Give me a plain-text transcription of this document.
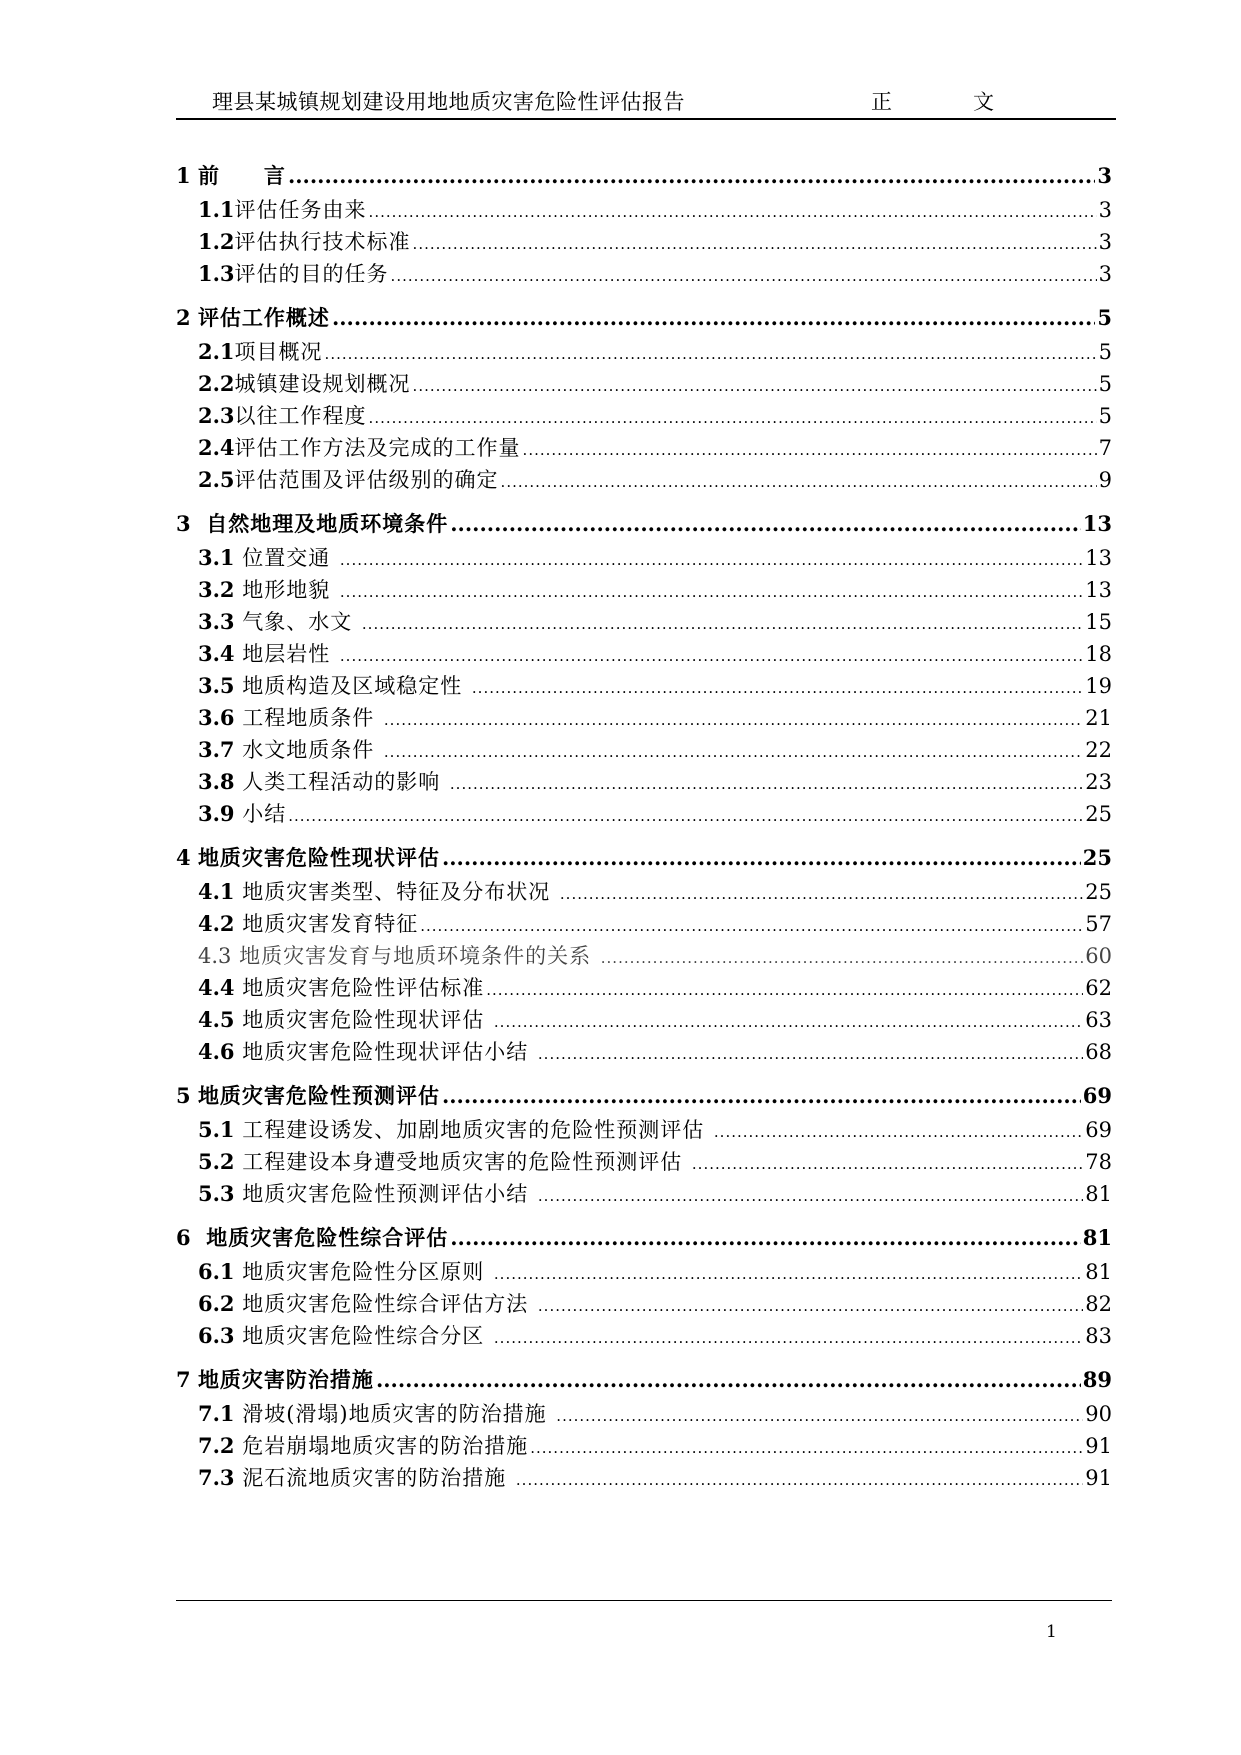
理县某城镇规划建设用地地质灾害危险性评估报告	正	文
1 前　　言 .....	3
1.1 评估任务由来 .....	3
1.2 评估执行技术标准 .....	3
1.3 评估的目的任务 .....	3
2 评估工作概述 .....	5
2.1 项目概况 .....	5
2.2 城镇建设规划概况 .....	5
2.3 以往工作程度 .....	5
2.4 评估工作方法及完成的工作量 .....	7
2.5 评估范围及评估级别的确定 .....	9
3 自然地理及地质环境条件 .....	13
3.1 位置交通 .....	13
3.2 地形地貌 .....	13
3.3 气象、水文 .....	15
3.4 地层岩性 .....	18
3.5 地质构造及区域稳定性 .....	19
3.6 工程地质条件 .....	21
3.7 水文地质条件 .....	22
3.8 人类工程活动的影响 .....	23
3.9 小结 .....	25
4 地质灾害危险性现状评估 .....	25
4.1 地质灾害类型、特征及分布状况 .....	25
4.2 地质灾害发育特征 .....	57
4.3 地质灾害发育与地质环境条件的关系 .....	60
4.4 地质灾害危险性评估标准 .....	62
4.5 地质灾害危险性现状评估 .....	63
4.6 地质灾害危险性现状评估小结 .....	68
5 地质灾害危险性预测评估 .....	69
5.1 工程建设诱发、加剧地质灾害的危险性预测评估 .....	69
5.2 工程建设本身遭受地质灾害的危险性预测评估 .....	78
5.3 地质灾害危险性预测评估小结 .....	81
6 地质灾害危险性综合评估 .....	81
6.1 地质灾害危险性分区原则 .....	81
6.2 地质灾害危险性综合评估方法 .....	82
6.3 地质灾害危险性综合分区 .....	83
7 地质灾害防治措施 .....	89
7.1 滑坡(滑塌)地质灾害的防治措施 .....	90
7.2 危岩崩塌地质灾害的防治措施 .....	91
7.3 泥石流地质灾害的防治措施 .....	91
1
